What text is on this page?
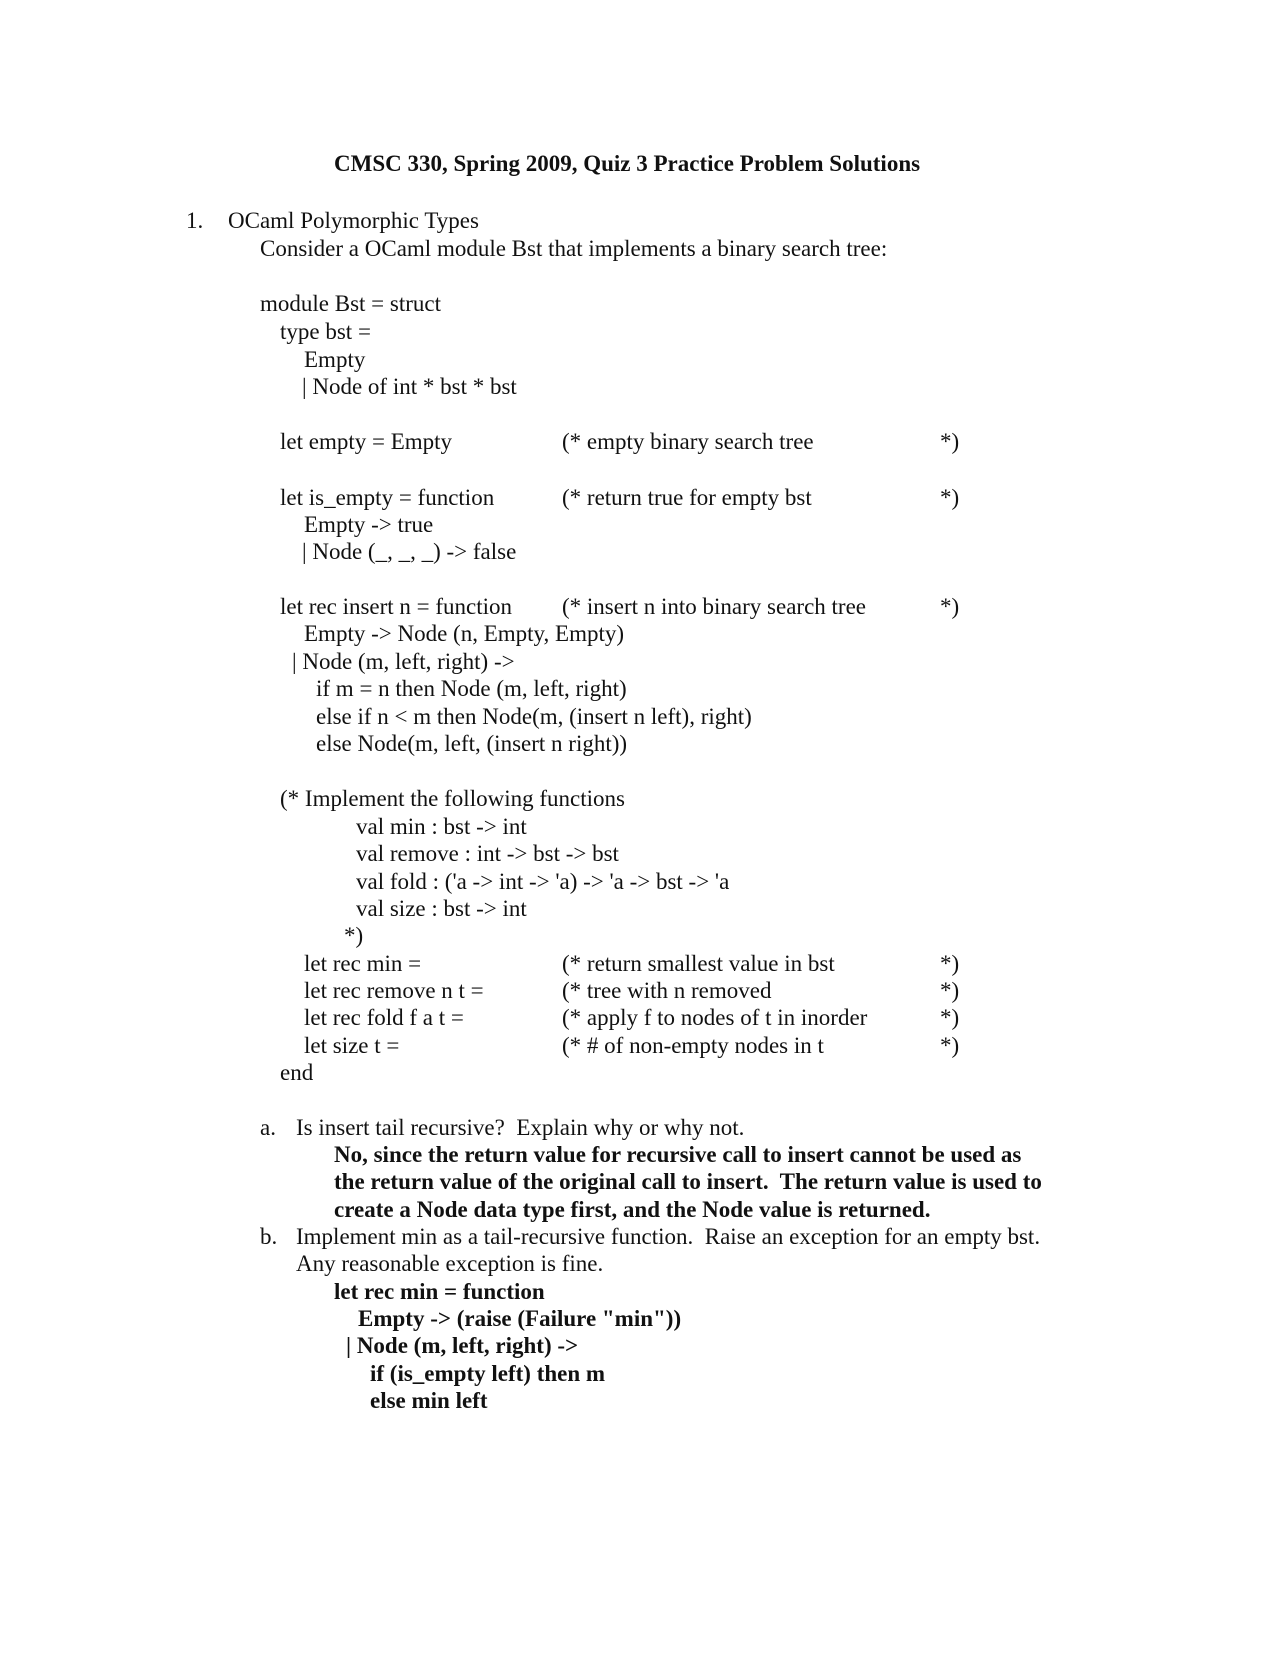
CMSC 330, Spring 2009, Quiz 3 Practice Problem Solutions
1. OCaml Polymorphic Types
Consider a OCaml module Bst that implements a binary search tree:
module Bst = struct
type bst =
Empty
| Node of int * bst * bst
let empty = Empty	(* empty binary search tree	*)
let is_empty = function	(* return true for empty bst	*)
Empty -> true
| Node (_, _, _) -> false
let rec insert n = function (* insert n into binary search tree	*)
Empty -> Node (n, Empty, Empty)
| Node (m, left, right) ->
if m = n then Node (m, left, right)
else if n < m then Node(m, (insert n left), right)
else Node(m, left, (insert n right))
(* Implement the following functions
val min : bst -> int
val remove : int -> bst -> bst
val fold : ('a -> int -> 'a) -> 'a -> bst -> 'a
val size : bst -> int
*)
let rec min =	(* return smallest value in bst	*)
let rec remove n t =	(* tree with n removed	*)
let rec fold f a t =	(* apply f to nodes of t in inorder	*)
let size t =	(* # of non-empty nodes in t	*)
end
a. Is insert tail recursive?  Explain why or why not.
No, since the return value for recursive call to insert cannot be used as
the return value of the original call to insert.  The return value is used to
create a Node data type first, and the Node value is returned.
b. Implement min as a tail-recursive function.  Raise an exception for an empty bst.
Any reasonable exception is fine.
let rec min = function
Empty -> (raise (Failure "min"))
| Node (m, left, right) ->
if (is_empty left) then m
else min left
